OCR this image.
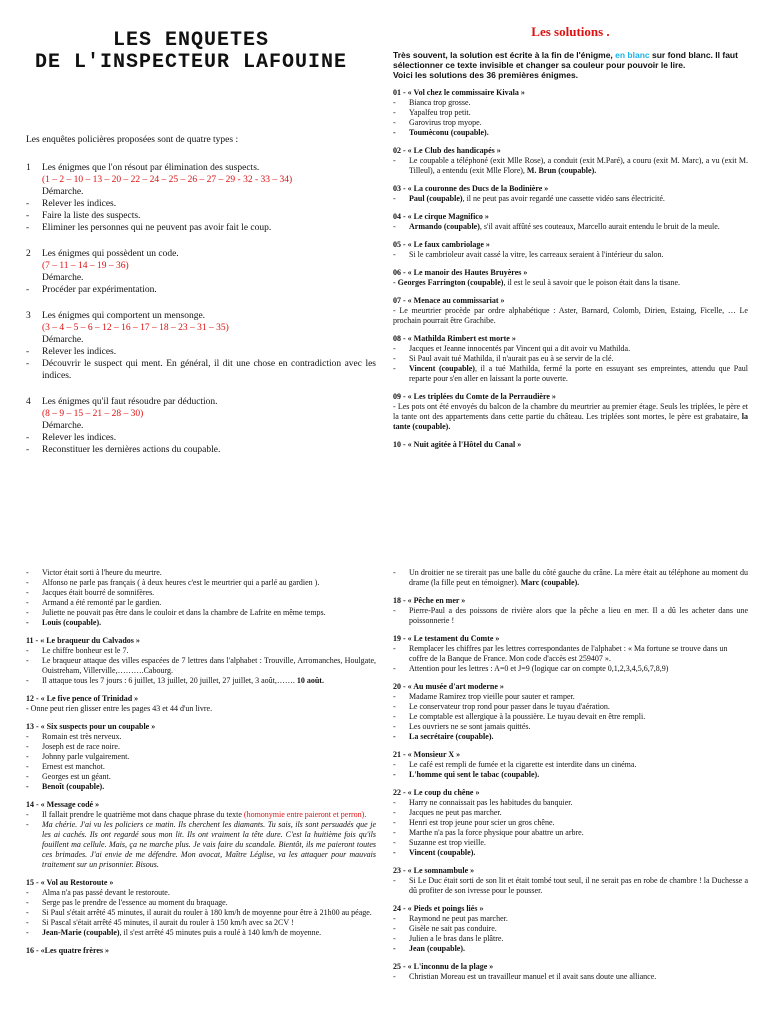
LES ENQUETES
DE L'INSPECTEUR LAFOUINE

Les enquêtes policières proposées sont de quatre types :

1	Les énigmes que l'on résout par élimination des suspects.
(1 – 2 – 10 – 13 – 20 – 22 – 24 – 25 – 26 – 27 – 29 - 32 - 33 – 34)
Démarche.
- Relever les indices.
- Faire la liste des suspects.
- Eliminer les personnes qui ne peuvent pas avoir fait le coup.
2	Les énigmes qui possèdent un code.
(7 – 11 – 14 – 19 – 36)
Démarche.
- Procéder par expérimentation.
3	Les énigmes qui comportent un mensonge.
(3 – 4 – 5 – 6 – 12 – 16 – 17 – 18 – 23 – 31 – 35)
Démarche.
- Relever les indices.
- Découvrir le suspect qui ment. En général, il dit une chose en contradiction avec les indices.
4	Les énigmes qu'il faut résoudre par déduction.
(8 – 9 – 15 – 21 – 28 – 30)
Démarche.
- Relever les indices.
- Reconstituer les dernières actions du coupable.
Les solutions .

Très souvent, la solution est écrite à la fin de l'énigme, en blanc sur fond blanc. Il faut sélectionner ce texte invisible et changer sa couleur pour pouvoir le lire.
Voici les solutions des 36 premières énigmes.

01 - « Vol chez le commissaire Kivala »
- Bianca trop grosse.
- Yapalfeu trop petit.
- Garovirus trop myope.
- Toumèconu (coupable).
02 - « Le Club des handicapés »
- Le coupable a téléphoné (exit Mlle Rose), a conduit (exit M.Paré), a couru (exit M. Marc), a vu (exit M. Tilleul), a entendu (exit Mlle Flore), M. Brun (coupable).
03 - « La couronne des Ducs de la Bodinière »
- Paul (coupable), il ne peut pas avoir regardé une cassette vidéo sans électricité.
04 - « Le cirque Magnifico »
- Armando (coupable), s'il avait affûté ses couteaux, Marcello aurait entendu le bruit de la meule.
05 - « Le faux cambriolage »
- Si le cambrioleur avait cassé la vitre, les carreaux seraient à l'intérieur du salon.
06 - « Le manoir des Hautes Bruyères »
- Georges Farrington (coupable), il est le seul à savoir que le poison était dans la tisane.
07 - « Menace au commissariat »
- Le meurtrier procède par ordre alphabétique : Aster, Barnard, Colomb, Dirien, Estaing, Ficelle, … Le prochain pourrait être Grachibe.
08 - « Mathilda Rimbert est morte »
- Jacques et Jeanne innocentés par Vincent qui a dit avoir vu Mathilda.
- Si Paul avait tué Mathilda, il n'aurait pas eu à se servir de la clé.
- Vincent (coupable), il a tué Mathilda, fermé la porte en essuyant ses empreintes, attendu que Paul reparte pour s'en aller en laissant la porte ouverte.
09 - « Les triplées du Comte de la Perraudière »
- Les pots ont été envoyés du balcon de la chambre du meurtrier au premier étage. Seuls les triplées, le père et la tante ont des appartements dans cette partie du château. Les triplées sont mortes, le père est grabataire, la tante (coupable).
10 - « Nuit agitée à l'Hôtel du Canal »
- Victor était sorti à l'heure du meurtre.
- Alfonso ne parle pas français ( à deux heures c'est le meurtrier qui a parlé au gardien ).
- Jacques était bourré de somnifères.
- Armand a été remonté par le gardien.
- Juliette ne pouvait pas être dans le couloir et dans la chambre de Lafrite en même temps.
- Louis (coupable).
11 - « Le braqueur du Calvados »
- Le chiffre bonheur est le 7.
- Le braqueur attaque des villes espacées de 7 lettres dans l'alphabet : Trouville, Arromanches, Houlgate, Ouistreham, Villerville,……….Cabourg.
- Il attaque tous les 7 jours : 6 juillet, 13 juillet, 20 juillet, 27 juillet, 3 août,……. 10 août.
12 - « Le five pence of Trinidad »
- Onne peut rien glisser entre les pages 43 et 44 d'un livre.
13 - « Six suspects pour un coupable »
- Romain est très nerveux.
- Joseph est de race noire.
- Johnny parle vulgairement.
- Ernest est manchot.
- Georges est un géant.
- Benoît (coupable).
14 - « Message codé »
- Il fallait prendre le quatrième mot dans chaque phrase du texte (homonymie entre paieront et perron).
- Ma chérie. J'ai vu les policiers ce matin. Ils cherchent les diamants. Tu sais, ils sont persuadés que je les ai cachés. Ils ont regardé sous mon lit. Ils ont vraiment la tête dure. C'est la huitième fois qu'ils fouillent ma cellule. Mais, ça ne marche plus. Je vais faire du scandale. Bientôt, ils me paieront toutes ces brimades. J'ai envie de me défendre. Mon avocat, Maître Léglise, va les attaquer pour mauvais traitement sur un prisonnier. Bisous.
15 - « Vol au Restoroute »
- Alma n'a pas passé devant le restoroute.
- Serge pas le prendre de l'essence au moment du braquage.
- Si Paul s'était arrêté 45 minutes, il aurait du rouler à 180 km/h de moyenne pour être à 21h00 au péage.
- Si Pascal s'était arrêté 45 minutes, il aurait du rouler à 150 km/h avec sa 2CV !
- Jean-Marie (coupable), il s'est arrêté 45 minutes puis a roulé à 140 km/h de moyenne.
16 - «Les quatre frères »
- Un droitier ne se tirerait pas une balle du côté gauche du crâne. La mère était au téléphone au moment du drame (la fille peut en témoigner). Marc (coupable).
18 - « Pêche en mer »
- Pierre-Paul a des poissons de rivière alors que la pêche a lieu en mer. Il a dû les acheter dans une poissonnerie !
19 - « Le testament du Comte »
- Remplacer les chiffres par les lettres correspondantes de l'alphabet : « Ma fortune se trouve dans un coffre de la Banque de France. Mon code d'accès est 259407 ».
- Attention pour les lettres : A=0 et J=9 (logique car on compte 0,1,2,3,4,5,6,7,8,9)
20 - « Au musée d'art moderne »
- Madame Ramirez trop vieille pour sauter et ramper.
- Le conservateur trop rond pour passer dans le tuyau d'aération.
- Le comptable est allergique à la poussière. Le tuyau devait en être rempli.
- Les ouvriers ne se sont jamais quittés.
- La secrétaire (coupable).
21 - « Monsieur X »
- Le café est rempli de fumée et la cigarette est interdite dans un cinéma.
- L'homme qui sent le tabac (coupable).
22 - « Le coup du chêne »
- Harry ne connaissait pas les habitudes du banquier.
- Jacques ne peut pas marcher.
- Henri est trop jeune pour scier un gros chêne.
- Marthe n'a pas la force physique pour abattre un arbre.
- Suzanne est trop vieille.
- Vincent (coupable).
23 - « Le somnambule »
- Si Le Duc était sorti de son lit et était tombé tout seul, il ne serait pas en robe de chambre ! la Duchesse a dû profiter de son ivresse pour le pousser.
24 - « Pieds et poings liés »
- Raymond ne peut pas marcher.
- Gisèle ne sait pas conduire.
- Julien a le bras dans le plâtre.
- Jean (coupable).
25 - « L'inconnu de la plage »
- Christian Moreau est un travailleur manuel et il avait sans doute une alliance.
